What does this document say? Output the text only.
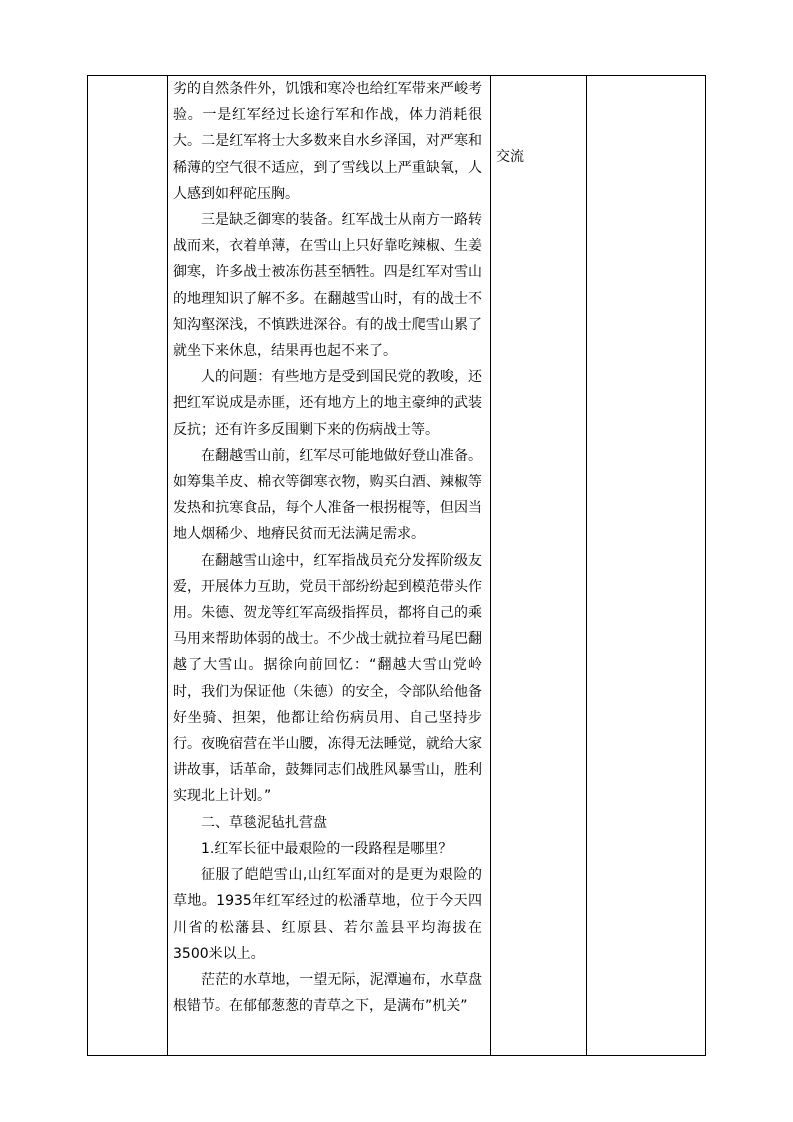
劣的自然条件外，饥饿和寒冷也给红军带来严峻考验。一是红军经过长途行军和作战，体力消耗很大。二是红军将士大多数来自水乡泽国，对严寒和稀薄的空气很不适应，到了雪线以上严重缺氧，人人感到如秤砣压胸。

三是缺乏御寒的装备。红军战士从南方一路转战而来，衣着单薄，在雪山上只好靠吃辣椒、生姜御寒，许多战士被冻伤甚至牺牲。四是红军对雪山的地理知识了解不多。在翻越雪山时，有的战士不知沟壑深浅，不慎跌进深谷。有的战士爬雪山累了就坐下来休息，结果再也起不来了。

人的问题：有些地方是受到国民党的教唆，还把红军说成是赤匪，还有地方上的地主豪绅的武装反抗；还有许多反围剿下来的伤病战士等。

在翻越雪山前，红军尽可能地做好登山准备。如筹集羊皮、棉衣等御寒衣物，购买白酒、辣椒等发热和抗寒食品，每个人准备一根拐棍等，但因当地人烟稀少、地瘠民贫而无法满足需求。

在翻越雪山途中，红军指战员充分发挥阶级友爱，开展体力互助，党员干部纷纷起到模范带头作用。朱德、贺龙等红军高级指挥员，都将自己的乘马用来帮助体弱的战士。不少战士就拉着马尾巴翻越了大雪山。据徐向前回忆：“翻越大雪山党岭时，我们为保证他（朱德）的安全，令部队给他备好坐骑、担架，他都让给伤病员用、自己坚持步行。夜晚宿营在半山腰，冻得无法睡觉，就给大家讲故事，话革命，鼓舞同志们战胜风暴雪山，胜利实现北上计划。”

二、草毯泥毡扎营盘

1.红军长征中最艰险的一段路程是哪里？

征服了皑皑雪山,山红军面对的是更为艰险的草地。1935年红军经过的松潘草地，位于今天四川省的松藩县、红原县、若尔盖县平均海拔在3500米以上。

茫茫的水草地，一望无际，泥潭遍布，水草盘根错节。在郁郁葱葱的青草之下，是满布”机关”

交流
